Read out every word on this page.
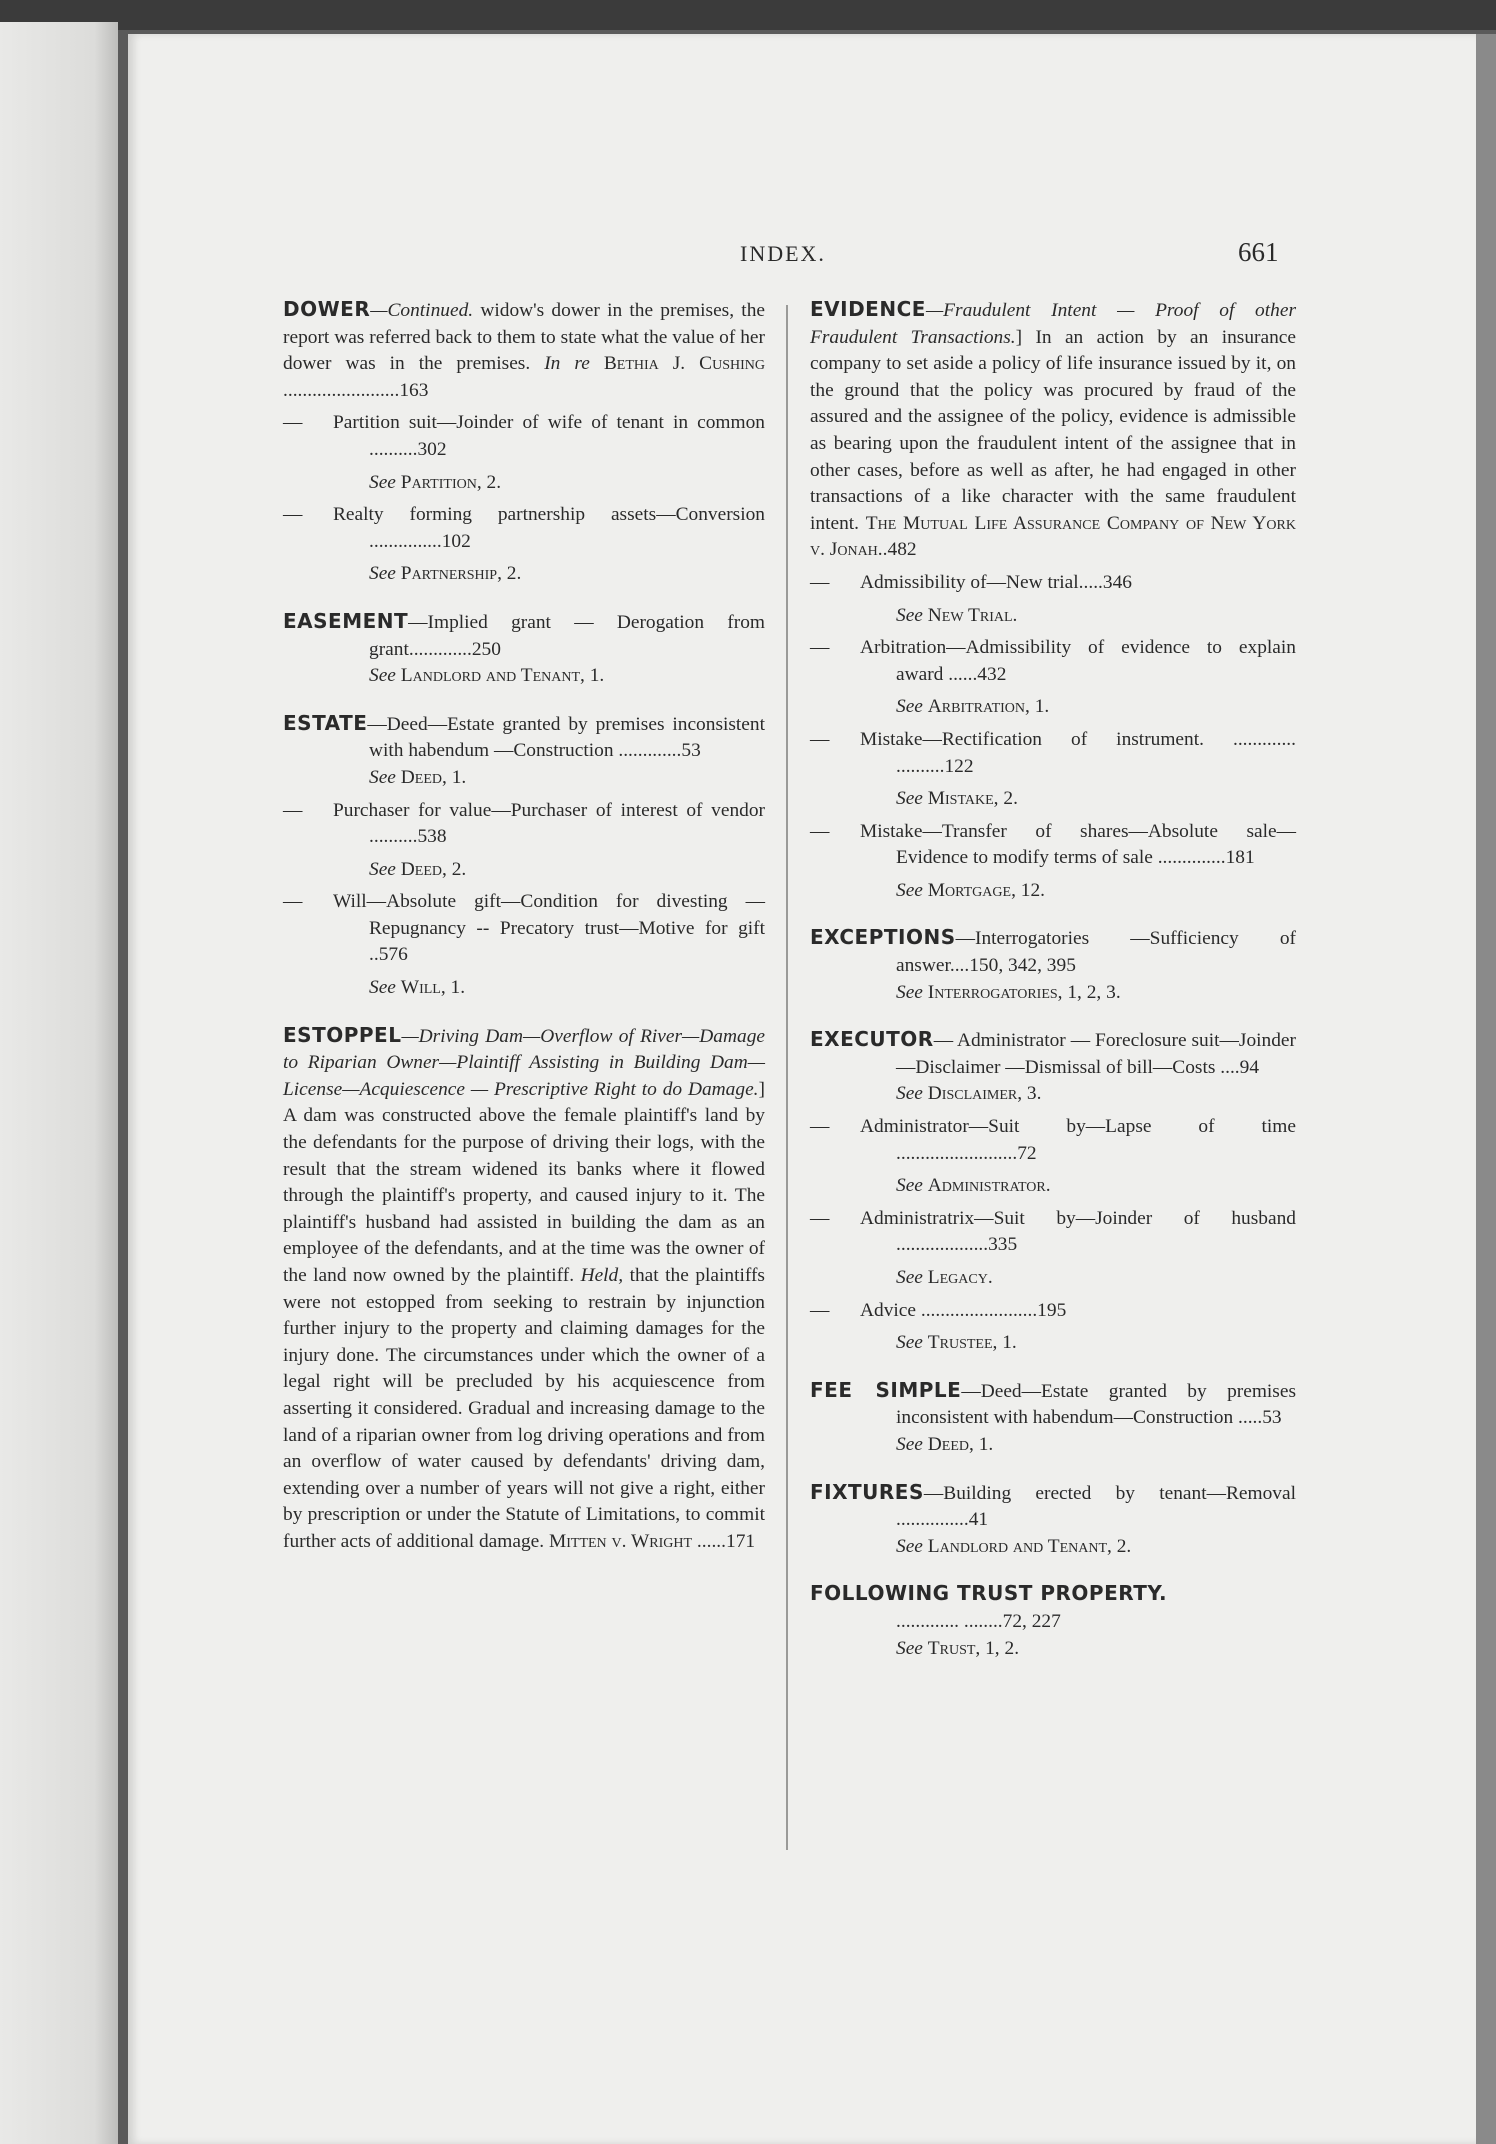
INDEX.	661
DOWER—Continued. widow's dower in the premises, the report was referred back to them to state what the value of her dower was in the premises. In re Bethia J. Cushing ........................163
— Partition suit—Joinder of wife of tenant in common ..........302
See Partition, 2.
— Realty forming partnership assets—Conversion ...............102
See Partnership, 2.
EASEMENT—Implied grant — Derogation from grant.............250
See Landlord and Tenant, 1.
ESTATE—Deed—Estate granted by premises inconsistent with habendum —Construction .............53
See Deed, 1.
— Purchaser for value—Purchaser of interest of vendor ..........538
See Deed, 2.
— Will—Absolute gift—Condition for divesting — Repugnancy -- Precatory trust—Motive for gift ..576
See Will, 1.
ESTOPPEL—Driving Dam—Overflow of River—Damage to Riparian Owner—Plaintiff Assisting in Building Dam—License—Acquiescence — Prescriptive Right to do Damage.] A dam was constructed above the female plaintiff's land by the defendants for the purpose of driving their logs, with the result that the stream widened its banks where it flowed through the plaintiff's property, and caused injury to it. The plaintiff's husband had assisted in building the dam as an employee of the defendants, and at the time was the owner of the land now owned by the plaintiff. Held, that the plaintiffs were not estopped from seeking to restrain by injunction further injury to the property and claiming damages for the injury done. The circumstances under which the owner of a legal right will be precluded by his acquiescence from asserting it considered. Gradual and increasing damage to the land of a riparian owner from log driving operations and from an overflow of water caused by defendants' driving dam, extending over a number of years will not give a right, either by prescription or under the Statute of Limitations, to commit further acts of additional damage. Mitten v. Wright ......171
EVIDENCE—Fraudulent Intent — Proof of other Fraudulent Transactions.] In an action by an insurance company to set aside a policy of life insurance issued by it, on the ground that the policy was procured by fraud of the assured and the assignee of the policy, evidence is admissible as bearing upon the fraudulent intent of the assignee that in other cases, before as well as after, he had engaged in other transactions of a like character with the same fraudulent intent. The Mutual Life Assurance Company of New York v. Jonah..482
— Admissibility of—New trial.....346
See New Trial.
— Arbitration—Admissibility of evidence to explain award ......432
See Arbitration, 1.
— Mistake—Rectification of instrument. ............. ..........122
See Mistake, 2.
— Mistake—Transfer of shares—Absolute sale—Evidence to modify terms of sale ..............181
See Mortgage, 12.
EXCEPTIONS—Interrogatories —Sufficiency of answer....150, 342, 395
See Interrogatories, 1, 2, 3.
EXECUTOR— Administrator — Foreclosure suit—Joinder—Disclaimer —Dismissal of bill—Costs ....94
See Disclaimer, 3.
— Administrator—Suit by—Lapse of time .........................72
See Administrator.
— Administratrix—Suit by—Joinder of husband ...................335
See Legacy.
— Advice ........................195
See Trustee, 1.
FEE SIMPLE—Deed—Estate granted by premises inconsistent with habendum—Construction .....53
See Deed, 1.
FIXTURES—Building erected by tenant—Removal ...............41
See Landlord and Tenant, 2.
FOLLOWING TRUST PROPERTY.
............. ........72, 227
See Trust, 1, 2.
